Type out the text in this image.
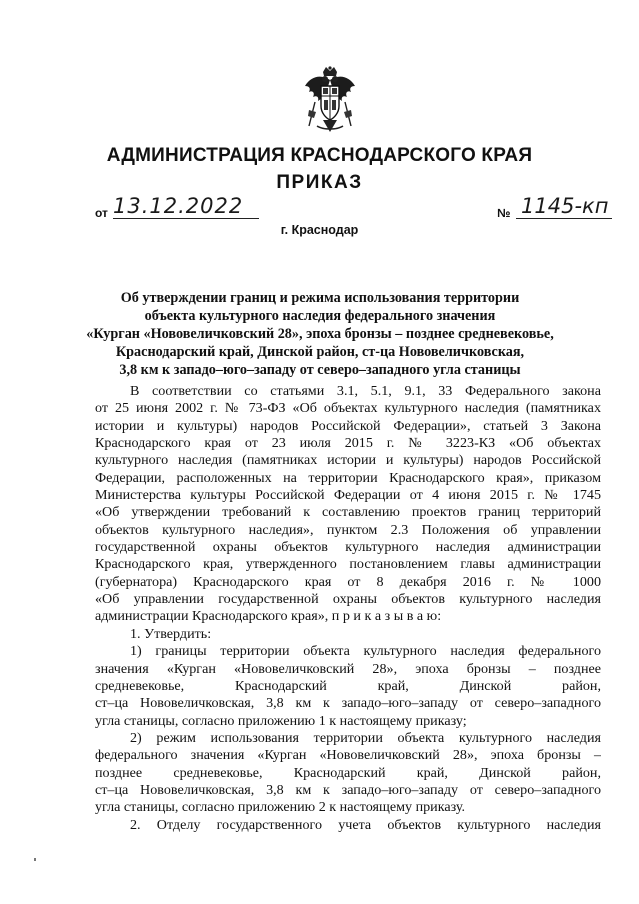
АДМИНИСТРАЦИЯ КРАСНОДАРСКОГО КРАЯ
ПРИКАЗ
от 13.12.2022	№ 1145-кп
г. Краснодар
Об утверждении границ и режима использования территории
объекта культурного наследия федерального значения
«Курган «Нововеличковский 28», эпоха бронзы – позднее средневековье,
Краснодарский край, Динской район, ст-ца Нововеличковская,
3,8 км к западо–юго–западу от северо–западного угла станицы
В соответствии со статьями 3.1, 5.1, 9.1, 33 Федерального закона
от 25 июня 2002 г. № 73-ФЗ «Об объектах культурного наследия (памятниках
истории и культуры) народов Российской Федерации», статьей 3 Закона
Краснодарского края от 23 июля 2015 г. № 3223-КЗ «Об объектах
культурного наследия (памятниках истории и культуры) народов Российской
Федерации, расположенных на территории Краснодарского края», приказом
Министерства культуры Российской Федерации от 4 июня 2015 г. № 1745
«Об утверждении требований к составлению проектов границ территорий
объектов культурного наследия», пунктом 2.3 Положения об управлении
государственной охраны объектов культурного наследия администрации
Краснодарского края, утвержденного постановлением главы администрации
(губернатора) Краснодарского края от 8 декабря 2016 г. № 1000
«Об управлении государственной охраны объектов культурного наследия
администрации Краснодарского края», п р и к а з ы в а ю:
1. Утвердить:
1) границы территории объекта культурного наследия федерального
значения «Курган «Нововеличковский 28», эпоха бронзы – позднее
средневековье, Краснодарский край, Динской район,
ст–ца Нововеличковская, 3,8 км к западо–юго–западу от северо–западного
угла станицы, согласно приложению 1 к настоящему приказу;
2) режим использования территории объекта культурного наследия
федерального значения «Курган «Нововеличковский 28», эпоха бронзы –
позднее средневековье, Краснодарский край, Динской район,
ст–ца Нововеличковская, 3,8 км к западо–юго–западу от северо–западного
угла станицы, согласно приложению 2 к настоящему приказу.
2. Отделу государственного учета объектов культурного наследия
